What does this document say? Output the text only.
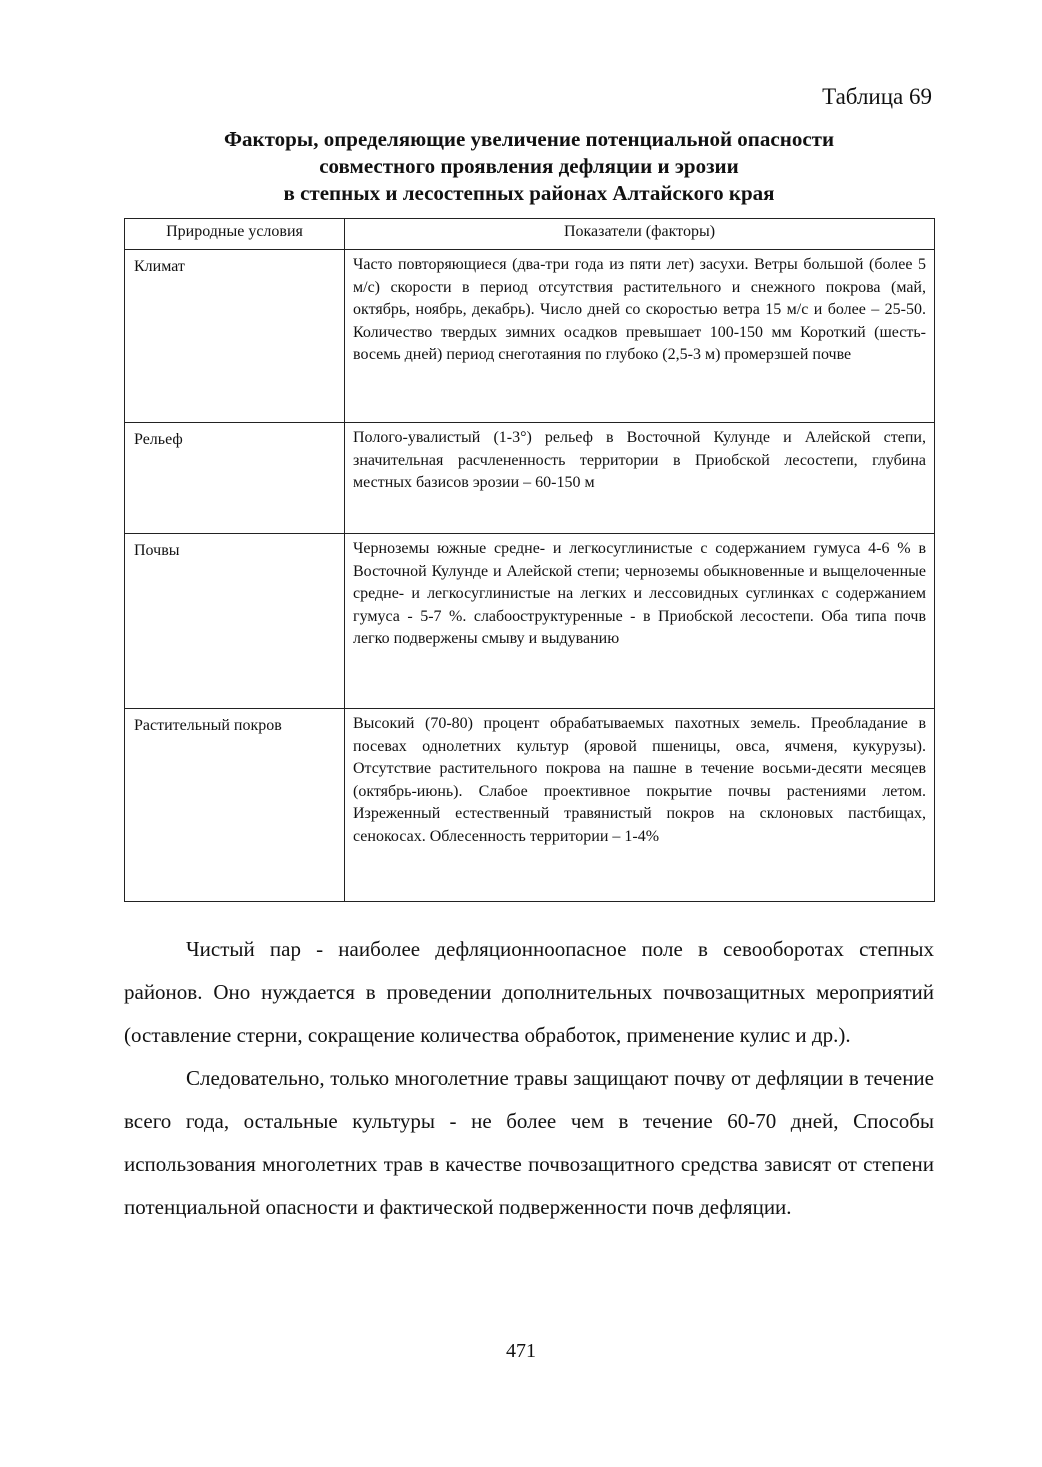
Таблица 69
Факторы, определяющие увеличение потенциальной опасности
совместного проявления дефляции и эрозии
в степных и лесостепных районах Алтайского края
Природные условия	Показатели (факторы)
Климат	Часто повторяющиеся (два-три года из пяти лет) засухи. Ветры большой (более 5 м/с) скорости в период отсутствия растительного и снежного покрова (май, октябрь, ноябрь, декабрь). Число дней со скоростью ветра 15 м/с и более – 25-50. Количество твердых зимних осадков превышает 100-150 мм Короткий (шесть- восемь дней) период снеготаяния по глубоко (2,5-3 м) промерзшей почве
Рельеф	Полого-увалистый (1-3°) рельеф в Восточной Кулунде и Алейской степи, значительная расчлененность территории в Приобской лесостепи, глубина местных базисов эрозии – 60-150 м
Почвы	Черноземы южные средне- и легкосуглинистые с содержанием гумуса 4-6 % в Восточной Кулунде и Алейской степи; черноземы обыкновенные и выщелоченные средне- и легкосуглинистые на легких и лессовидных суглинках с содержанием гумуса - 5-7 %. слабоoструктуренные - в Приобской лесостепи. Оба типа почв легко подвержены смыву и выдуванию
Растительный покров	Высокий (70-80) процент обрабатываемых пахотных земель. Преобладание в посевах однолетних культур (яровой пшеницы, овса, ячменя, кукурузы). Отсутствие растительного покрова на пашне в течение восьми-десяти месяцев (октябрь-июнь). Слабое проективное покрытие почвы растениями летом. Изреженный естественный травянистый покров на склоновых пастбищах, сенокосах. Облесенность территории – 1-4%

Чистый пар - наиболее дефляционноопасное поле в севооборотах степных районов. Оно нуждается в проведении дополнительных почвозащитных мероприятий (оставление стерни, сокращение количества обработок, применение кулис и др.).

Следовательно, только многолетние травы защищают почву от дефляции в течение всего года, остальные культуры - не более чем в течение 60-70 дней, Способы использования многолетних трав в качестве почвозащитного средства зависят от степени потенциальной опасности и фактической подверженности почв дефляции.

471
